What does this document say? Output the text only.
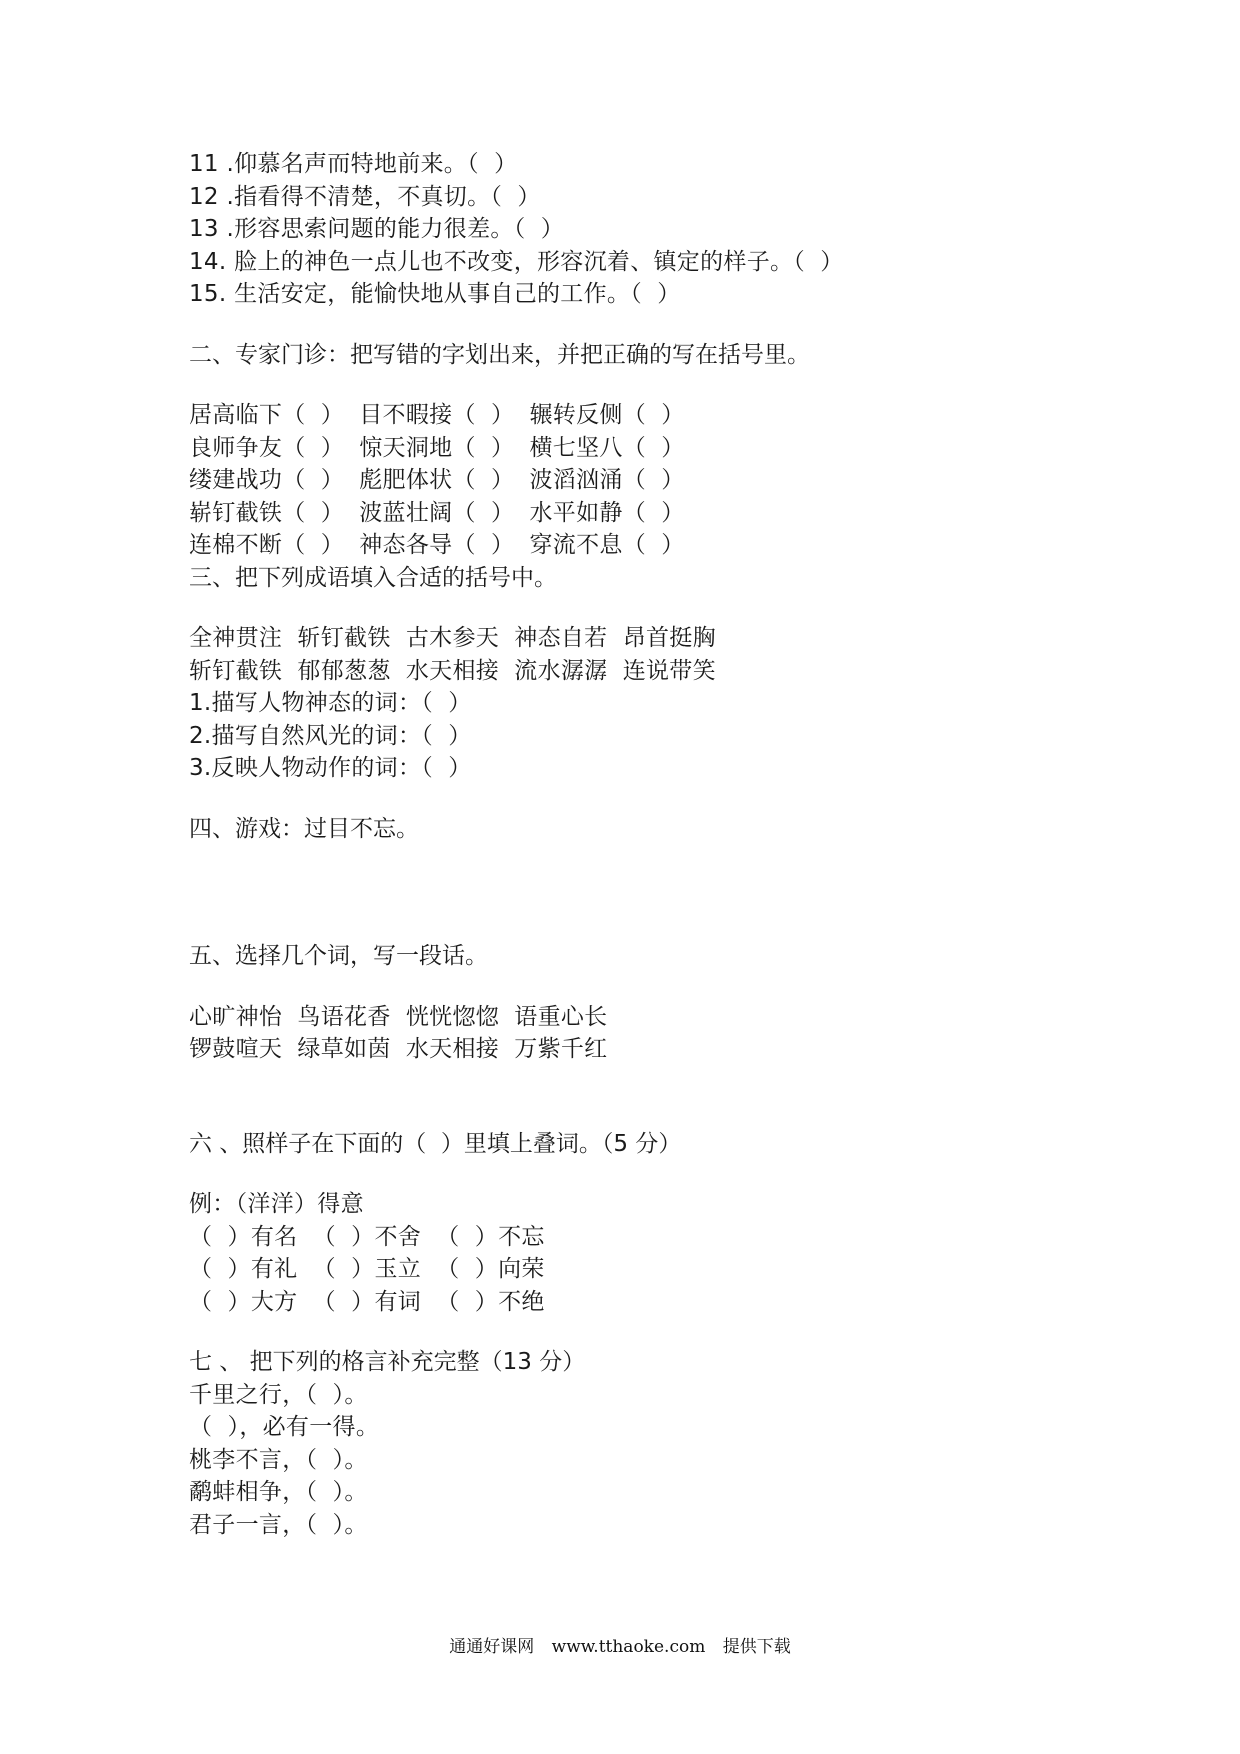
11 .仰慕名声而特地前来。（  ）
12 .指看得不清楚，不真切。（  ）
13 .形容思索问题的能力很差。（  ）
14. 脸上的神色一点儿也不改变，形容沉着、镇定的样子。（  ）
15. 生活安定，能愉快地从事自己的工作。（  ）
二、专家门诊：把写错的字划出来，并把正确的写在括号里。
居高临下（  ）  目不暇接（  ）  辗转反侧（  ）
良师争友（  ）  惊天洞地（  ）  横七坚八（  ）
缕建战功（  ）  彪肥体状（  ）  波滔汹涌（  ）
崭钉截铁（  ）  波蓝壮阔（  ）  水平如静（  ）
连棉不断（  ）  神态各导（  ）  穿流不息（  ）
三、把下列成语填入合适的括号中。
全神贯注  斩钉截铁  古木参天  神态自若  昂首挺胸
斩钉截铁  郁郁葱葱  水天相接  流水潺潺  连说带笑
1.描写人物神态的词：（  ）
2.描写自然风光的词：（  ）
3.反映人物动作的词：（  ）
四、游戏：过目不忘。
五、选择几个词，写一段话。
心旷神怡  鸟语花香  恍恍惚惚  语重心长
锣鼓喧天  绿草如茵  水天相接  万紫千红
六 、照样子在下面的（  ）里填上叠词。（5 分）
例：（洋洋）得意
（  ）有名  （  ）不舍  （  ）不忘
（  ）有礼  （  ）玉立  （  ）向荣
（  ）大方  （  ）有词  （  ）不绝
七 、 把下列的格言补充完整（13 分）
千里之行，（  ）。
（  ），必有一得。
桃李不言，（  ）。
鹬蚌相争，（  ）。
君子一言，（  ）。
通通好课网 www.tthaoke.com 提供下载
